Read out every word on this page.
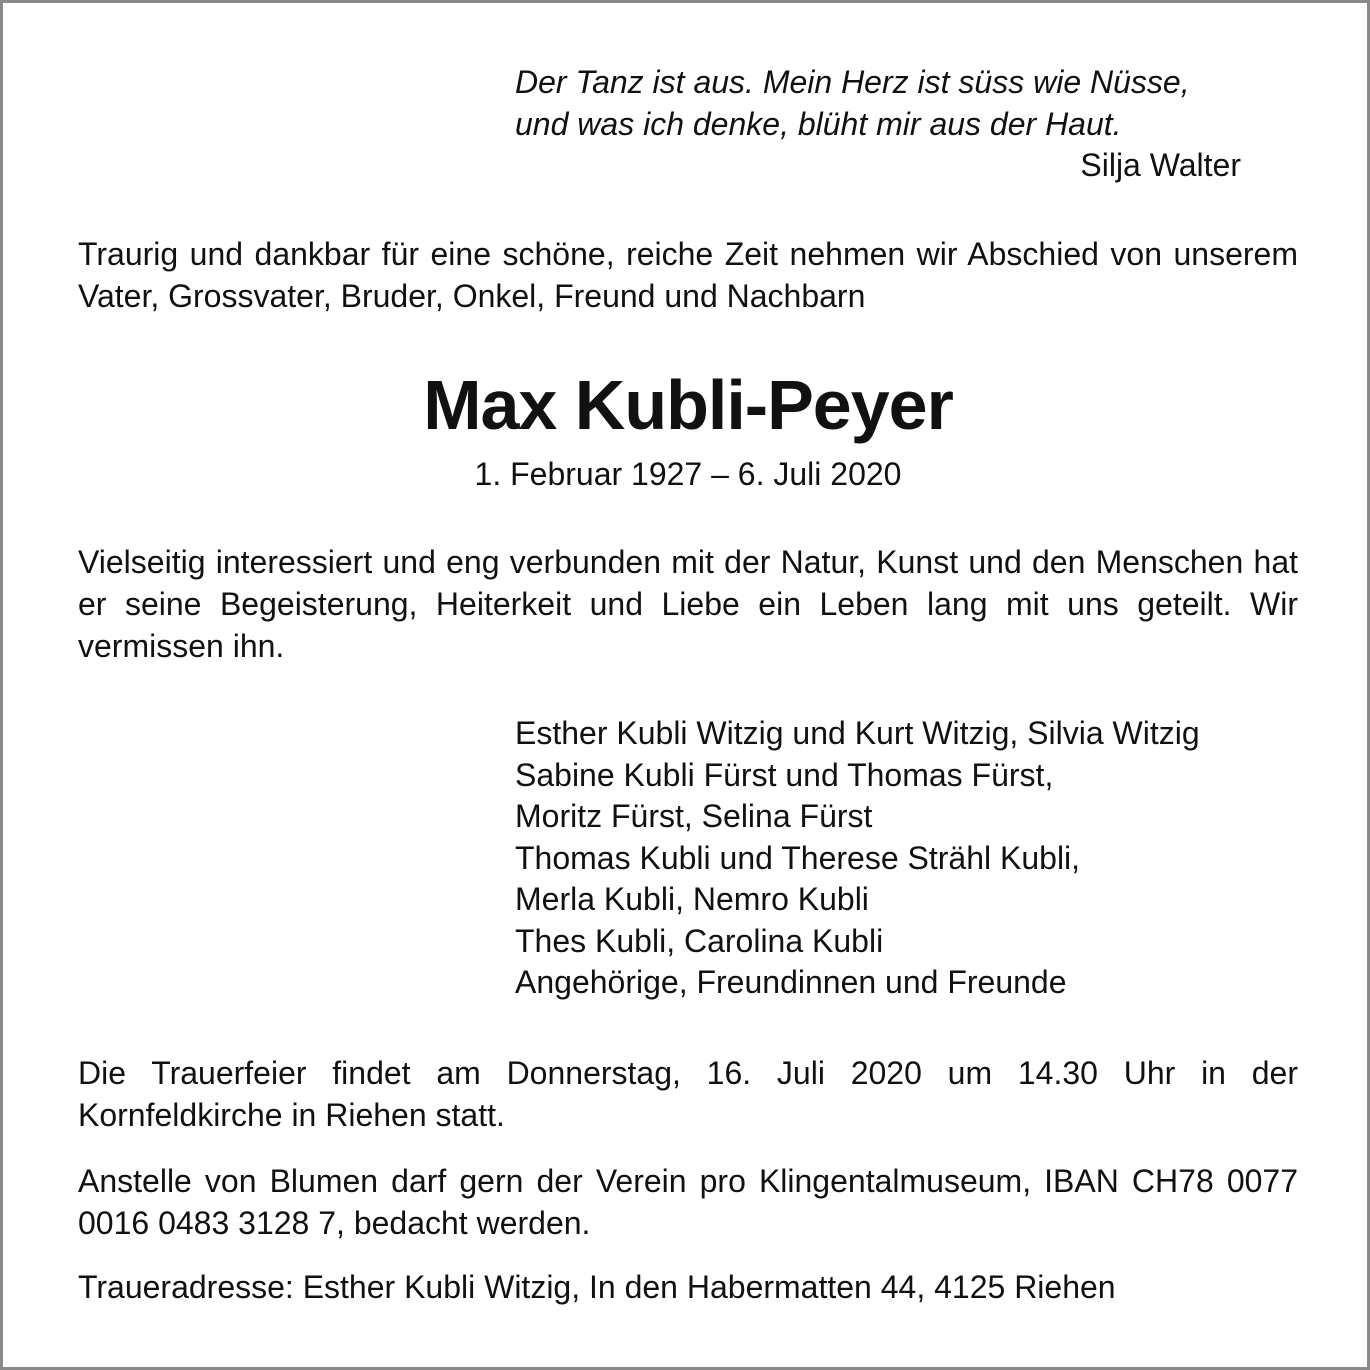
Der Tanz ist aus. Mein Herz ist süss wie Nüsse,
und was ich denke, blüht mir aus der Haut.
Silja Walter
Traurig und dankbar für eine schöne, reiche Zeit nehmen wir Abschied von unserem Vater, Grossvater, Bruder, Onkel, Freund und Nachbarn
Max Kubli-Peyer
1. Februar 1927 – 6. Juli 2020
Vielseitig interessiert und eng verbunden mit der Natur, Kunst und den Menschen hat er seine Begeisterung, Heiterkeit und Liebe ein Leben lang mit uns geteilt. Wir vermissen ihn.
Esther Kubli Witzig und Kurt Witzig, Silvia Witzig
Sabine Kubli Fürst und Thomas Fürst,
Moritz Fürst, Selina Fürst
Thomas Kubli und Therese Strähl Kubli,
Merla Kubli, Nemro Kubli
Thes Kubli, Carolina Kubli
Angehörige, Freundinnen und Freunde
Die Trauerfeier findet am Donnerstag, 16. Juli 2020 um 14.30 Uhr in der Kornfeldkirche in Riehen statt.
Anstelle von Blumen darf gern der Verein pro Klingentalmuseum, IBAN CH78 0077 0016 0483 3128 7, bedacht werden.
Traueradresse: Esther Kubli Witzig, In den Habermatten 44, 4125 Riehen
